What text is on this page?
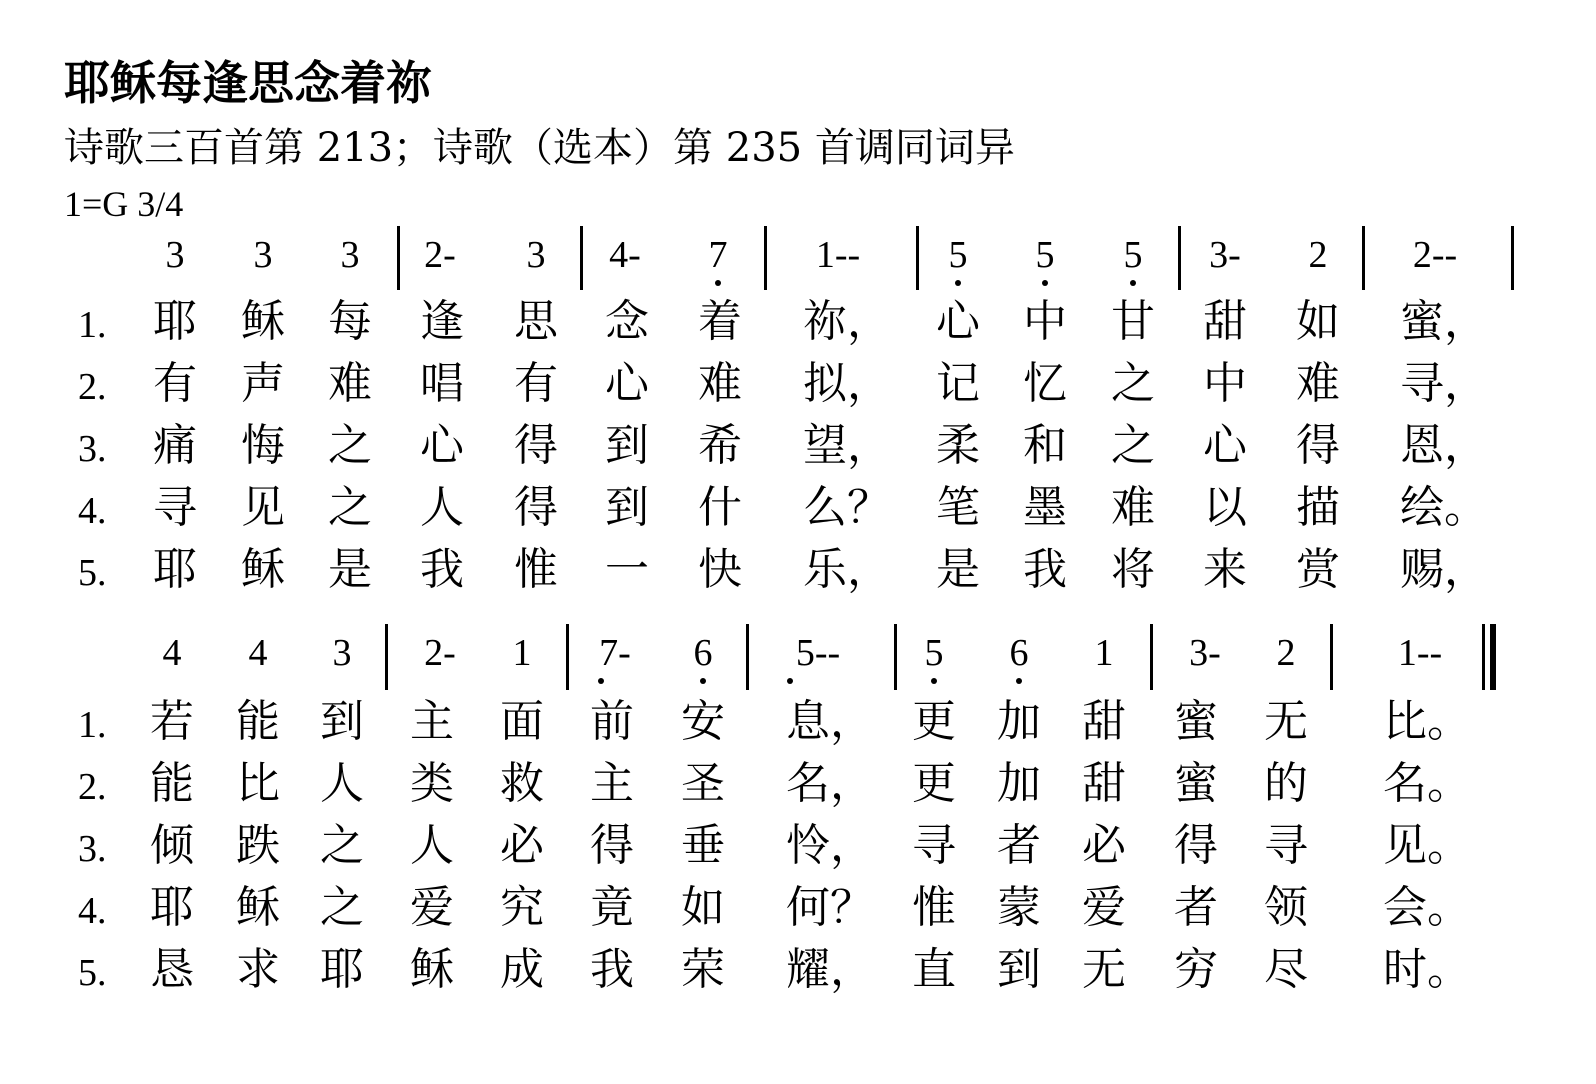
耶稣每逢思念着祢
诗歌三百首第 213；诗歌（选本）第 235 首调同词异
1=G 3/4
3 3 3 2- 3 4- 7 1-- 5 5 5 3- 2 2--
1. 耶 稣 每 逢 思 念 着 祢， 心 中 甘 甜 如 蜜，
2. 有 声 难 唱 有 心 难 拟， 记 忆 之 中 难 寻，
3. 痛 悔 之 心 得 到 希 望， 柔 和 之 心 得 恩，
4. 寻 见 之 人 得 到 什 么？ 笔 墨 难 以 描 绘。
5. 耶 稣 是 我 惟 一 快 乐， 是 我 将 来 赏 赐，
4 4 3 2- 1 7- 6 5-- 5 6 1 3- 2	1--
1. 若 能 到 主 面 前 安 息， 更 加 甜 蜜 无 比。
2. 能 比 人 类 救 主 圣 名， 更 加 甜 蜜 的 名。
3. 倾 跌 之 人 必 得 垂 怜， 寻 者 必 得 寻 见。
4. 耶 稣 之 爱 究 竟 如 何？ 惟 蒙 爱 者 领 会。
5. 恳 求 耶 稣 成 我 荣 耀， 直 到 无 穷 尽 时。
